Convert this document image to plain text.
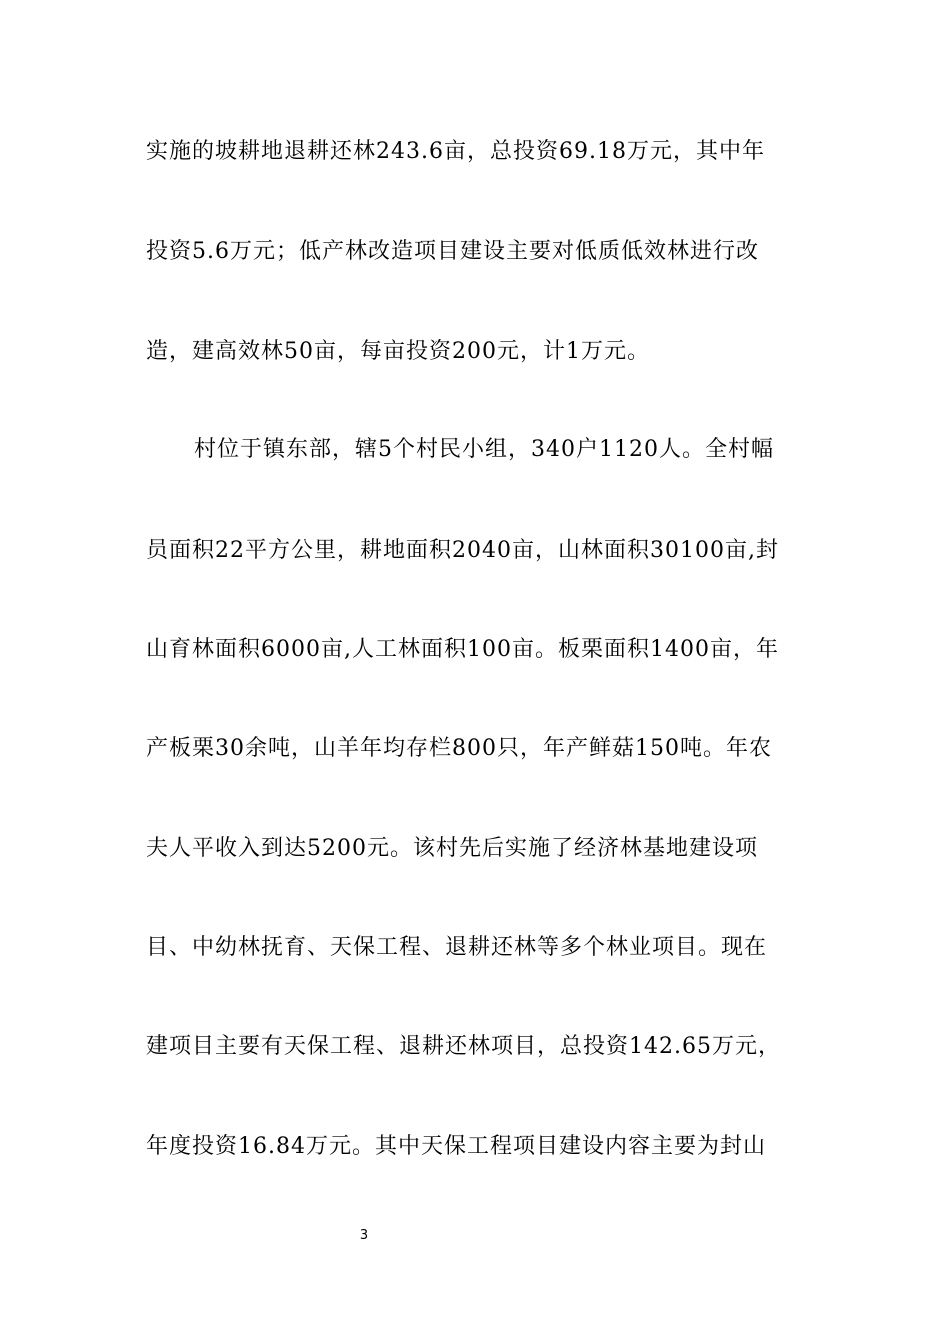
实施的坡耕地退耕还林243.6亩，总投资69.18万元，其中年
投资5.6万元；低产林改造项目建设主要对低质低效林进行改
造，建高效林50亩，每亩投资200元，计1万元。
村位于镇东部，辖5个村民小组，340户1120人。全村幅
员面积22平方公里，耕地面积2040亩，山林面积30100亩,封
山育林面积6000亩,人工林面积100亩。板栗面积1400亩，年
产板栗30余吨，山羊年均存栏800只，年产鲜菇150吨。年农
夫人平收入到达5200元。该村先后实施了经济林基地建设项
目、中幼林抚育、天保工程、退耕还林等多个林业项目。现在
建项目主要有天保工程、退耕还林项目，总投资142.65万元，
年度投资16.84万元。其中天保工程项目建设内容主要为封山
3
